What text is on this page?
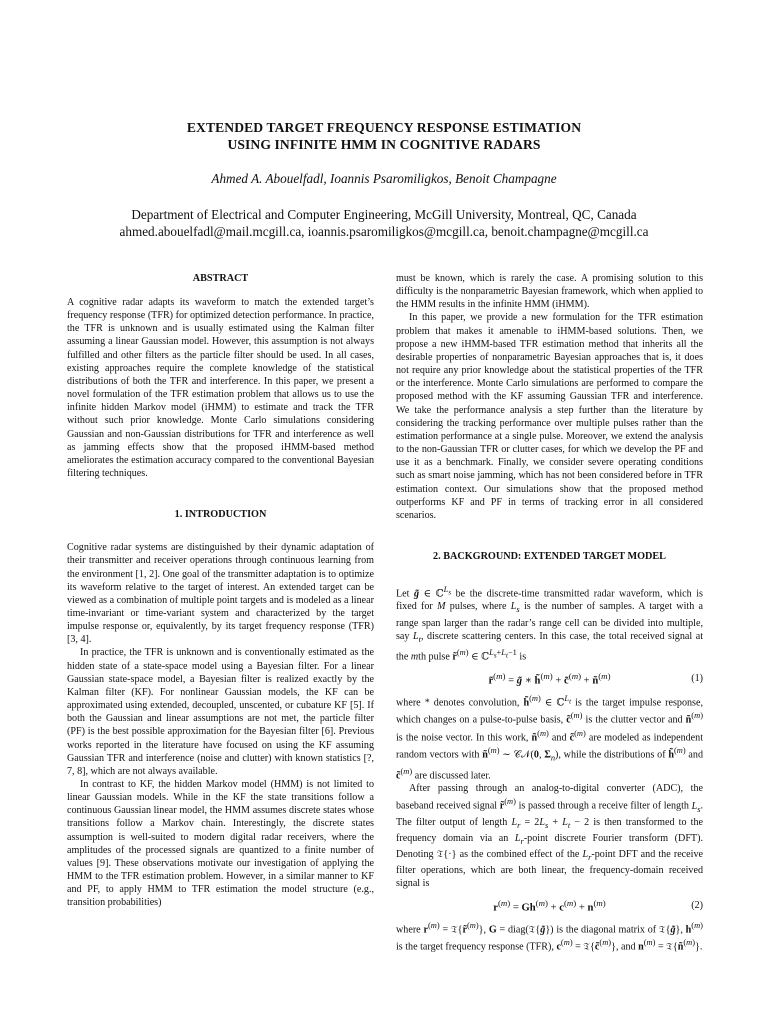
EXTENDED TARGET FREQUENCY RESPONSE ESTIMATION
USING INFINITE HMM IN COGNITIVE RADARS
Ahmed A. Abouelfadl, Ioannis Psaromiligkos, Benoit Champagne
Department of Electrical and Computer Engineering, McGill University, Montreal, QC, Canada
ahmed.abouelfadl@mail.mcgill.ca, ioannis.psaromiligkos@mcgill.ca, benoit.champagne@mcgill.ca
ABSTRACT

A cognitive radar adapts its waveform to match the extended target’s frequency response (TFR) for optimized detection performance. In practice, the TFR is unknown and is usually estimated using the Kalman filter assuming a linear Gaussian model. However, this assumption is not always fulfilled and other filters as the particle filter should be used. In all cases, existing approaches require the complete knowledge of the statistical distributions of both the TFR and interference. In this paper, we present a novel formulation of the TFR estimation problem that allows us to use the infinite hidden Markov model (iHMM) to estimate and track the TFR without such prior knowledge. Monte Carlo simulations considering Gaussian and non-Gaussian distributions for TFR and interference as well as jamming effects show that the proposed iHMM-based method ameliorates the estimation accuracy compared to the conventional Bayesian filtering techniques.

1. INTRODUCTION

Cognitive radar systems are distinguished by their dynamic adaptation of their transmitter and receiver operations through continuous learning from the environment [1, 2]. One goal of the transmitter adaptation is to optimize its waveform relative to the target of interest. An extended target can be viewed as a combination of multiple point targets and is modeled as a linear time-invariant or time-variant system and characterized by the target impulse response or, equivalently, by its target frequency response (TFR) [3, 4].

In practice, the TFR is unknown and is conventionally estimated as the hidden state of a state-space model using a Bayesian filter. For a linear Gaussian state-space model, a Bayesian filter is realized exactly by the Kalman filter (KF). For nonlinear Gaussian models, the KF can be approximated using extended, decoupled, unscented, or cubature KF [5]. If both the Gaussian and linear assumptions are not met, the particle filter (PF) is the best possible approximation for the Bayesian filter [6]. Previous works reported in the literature have focused on using the KF assuming Gaussian TFR and interference (noise and clutter) with known statistics [?, 7, 8], which are not always available.

In contrast to KF, the hidden Markov model (HMM) is not limited to linear Gaussian models. While in the KF the state transitions follow a continuous Gaussian linear model, the HMM assumes discrete states whose transitions follow a Markov chain. Interestingly, the discrete states assumption is well-suited to modern digital radar receivers, where the amplitudes of the processed signals are quantized to a finite number of values [9]. These observations motivate our investigation of applying the HMM to the TFR estimation problem. However, in a similar manner to KF and PF, to apply HMM to TFR estimation the model structure (e.g., transition probabilities)

must be known, which is rarely the case. A promising solution to this difficulty is the nonparametric Bayesian framework, which when applied to the HMM results in the infinite HMM (iHMM).

In this paper, we provide a new formulation for the TFR estimation problem that makes it amenable to iHMM-based solutions. Then, we propose a new iHMM-based TFR estimation method that inherits all the desirable properties of nonparametric Bayesian approaches that is, it does not require any prior knowledge about the statistical properties of the TFR or the interference. Monte Carlo simulations are performed to compare the proposed method with the KF assuming Gaussian TFR and interference. We take the performance analysis a step further than the literature by considering the tracking performance over multiple pulses rather than the estimation performance at a single pulse. Moreover, we extend the analysis to the non-Gaussian TFR or clutter cases, for which we develop the PF and use it as a benchmark. Finally, we consider severe operating conditions such as smart noise jamming, which has not been considered before in TFR estimation context. Our simulations show that the proposed method outperforms KF and PF in terms of tracking error in all considered scenarios.

2. BACKGROUND: EXTENDED TARGET MODEL

Let g̃ ∈ ℂ$^{L_s}$ be the discrete-time transmitted radar waveform, which is fixed for M pulses, where $L_s$ is the number of samples. A target with a range span larger than the radar’s range cell can be divided into multiple, say $L_t$, discrete scattering centers. In this case, the total received signal at the mth pulse r̃$^{(m)}$ ∈ ℂ$^{L_s+L_t-1}$ is

r̃$^{(m)}$ = g̃ ∗ h̃$^{(m)}$ + c̃$^{(m)}$ + $ñ^{(m)}$	(1)

where * denotes convolution, h̃$^{(m)}$ ∈ ℂ$^{L_t}$ is the target impulse response, which changes on a pulse-to-pulse basis, c̃$^{(m)}$ is the clutter vector and $ñ^{(m)}$ is the noise vector. In this work, $ñ^{(m)}$ and c̃$^{(m)}$ are modeled as independent random vectors with $ñ^{(m)}$ ∼ 𝒞𝒩(0, $\Sigma_n$), while the distributions of h̃$^{(m)}$ and c̃$^{(m)}$ are discussed later.

After passing through an analog-to-digital converter (ADC), the baseband received signal r̃$^{(m)}$ is passed through a receive filter of length $L_s$. The filter output of length $L_r = 2L_s + L_t - 2$ is then transformed to the frequency domain via an $L_r$-point discrete Fourier transform (DFT). Denoting 𝔗{·} as the combined effect of the $L_r$-point DFT and the receive filter operations, which are both linear, the frequency-domain received signal is

$r^{(m)} = Gh^{(m)} + c^{(m)} + n^{(m)}$	(2)

where $r^{(m)}$ = 𝔗{r̃$^{(m)}$}, G = diag(𝔗{g̃}) is the diagonal matrix of 𝔗{g̃}, $h^{(m)}$ is the target frequency response (TFR), $c^{(m)}$ = 𝔗{c̃$^{(m)}$}, and $n^{(m)}$ = $𝔗\{ñ^{(m)}\}$.
